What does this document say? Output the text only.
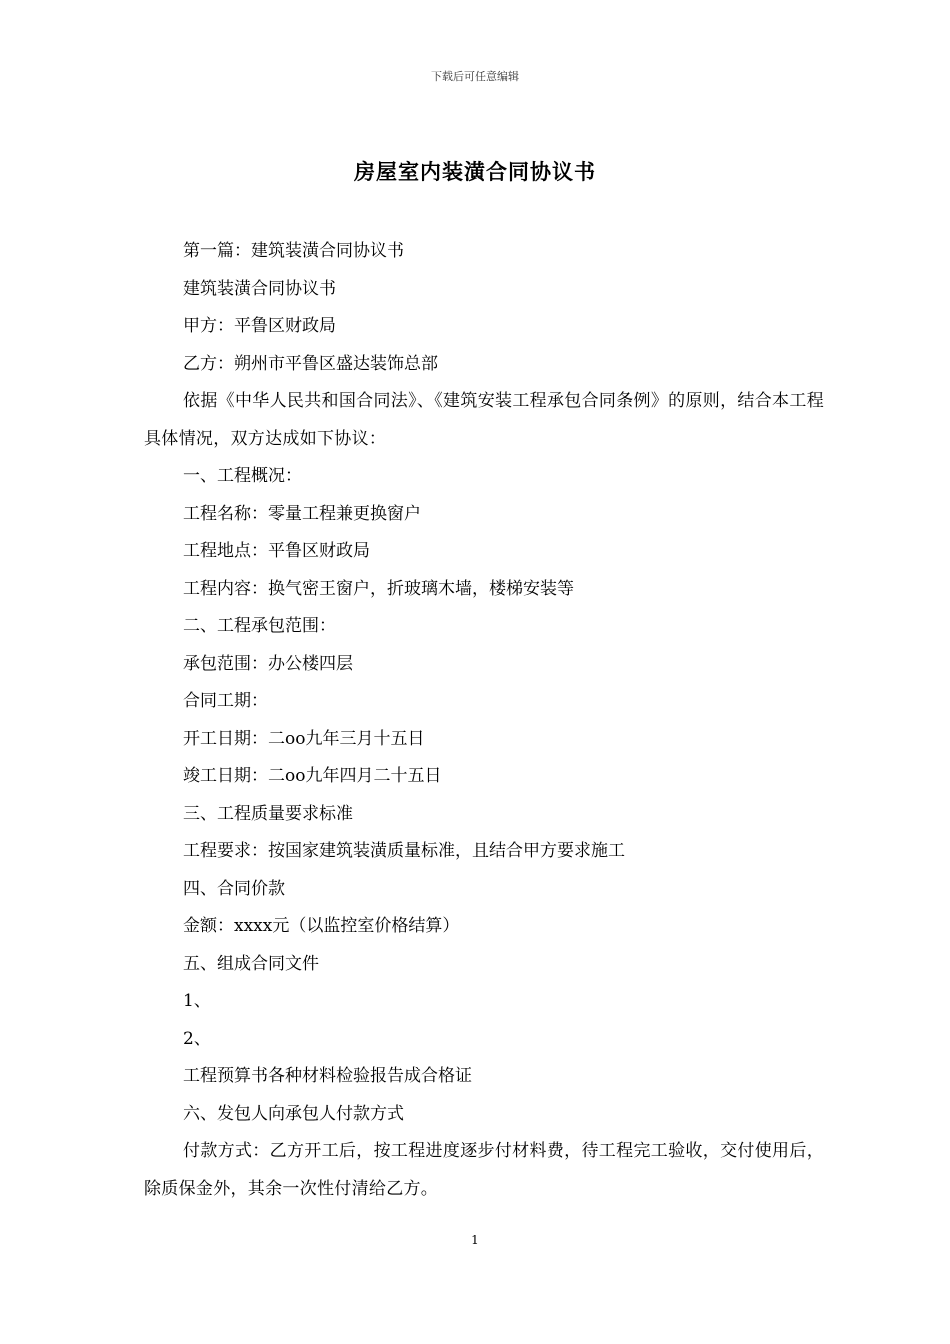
下载后可任意编辑
房屋室内装潢合同协议书

第一篇：建筑装潢合同协议书

建筑装潢合同协议书

甲方：平鲁区财政局

乙方：朔州市平鲁区盛达装饰总部

依据《中华人民共和国合同法》、《建筑安装工程承包合同条例》的原则，结合本工程具体情况，双方达成如下协议：

一、工程概况：

工程名称：零量工程兼更换窗户

工程地点：平鲁区财政局

工程内容：换气密王窗户，折玻璃木墙，楼梯安装等

二、工程承包范围：

承包范围：办公楼四层

合同工期：

开工日期：二oo九年三月十五日

竣工日期：二oo九年四月二十五日

三、工程质量要求标准

工程要求：按国家建筑装潢质量标准，且结合甲方要求施工

四、合同价款

金额：xxxx元（以监控室价格结算）

五、组成合同文件

1、

2、

工程预算书各种材料检验报告成合格证

六、发包人向承包人付款方式

付款方式：乙方开工后，按工程进度逐步付材料费，待工程完工验收，交付使用后，除质保金外，其余一次性付清给乙方。

1
